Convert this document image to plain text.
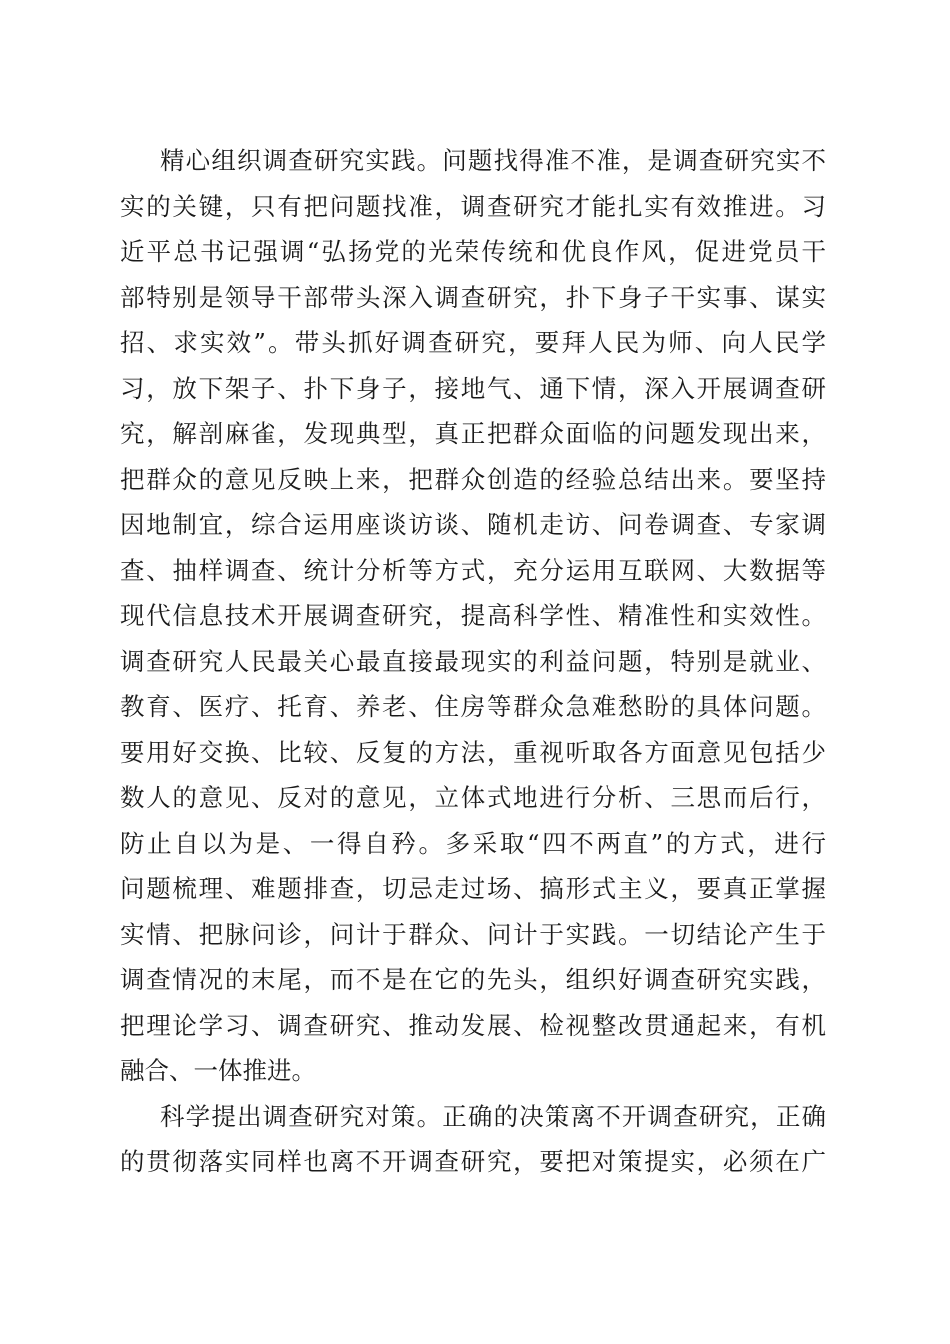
精心组织调查研究实践。问题找得准不准，是调查研究实不
实的关键，只有把问题找准，调查研究才能扎实有效推进。习
近平总书记强调“弘扬党的光荣传统和优良作风，促进党员干
部特别是领导干部带头深入调查研究，扑下身子干实事、谋实
招、求实效”。带头抓好调查研究，要拜人民为师、向人民学
习，放下架子、扑下身子，接地气、通下情，深入开展调查研
究，解剖麻雀，发现典型，真正把群众面临的问题发现出来，
把群众的意见反映上来，把群众创造的经验总结出来。要坚持
因地制宜，综合运用座谈访谈、随机走访、问卷调查、专家调
查、抽样调查、统计分析等方式，充分运用互联网、大数据等
现代信息技术开展调查研究，提高科学性、精准性和实效性。
调查研究人民最关心最直接最现实的利益问题，特别是就业、
教育、医疗、托育、养老、住房等群众急难愁盼的具体问题。
要用好交换、比较、反复的方法，重视听取各方面意见包括少
数人的意见、反对的意见，立体式地进行分析、三思而后行，
防止自以为是、一得自矜。多采取“四不两直”的方式，进行
问题梳理、难题排查，切忌走过场、搞形式主义，要真正掌握
实情、把脉问诊，问计于群众、问计于实践。一切结论产生于
调查情况的末尾，而不是在它的先头，组织好调查研究实践，
把理论学习、调查研究、推动发展、检视整改贯通起来，有机
融合、一体推进。
科学提出调查研究对策。正确的决策离不开调查研究，正确
的贯彻落实同样也离不开调查研究，要把对策提实，必须在广
